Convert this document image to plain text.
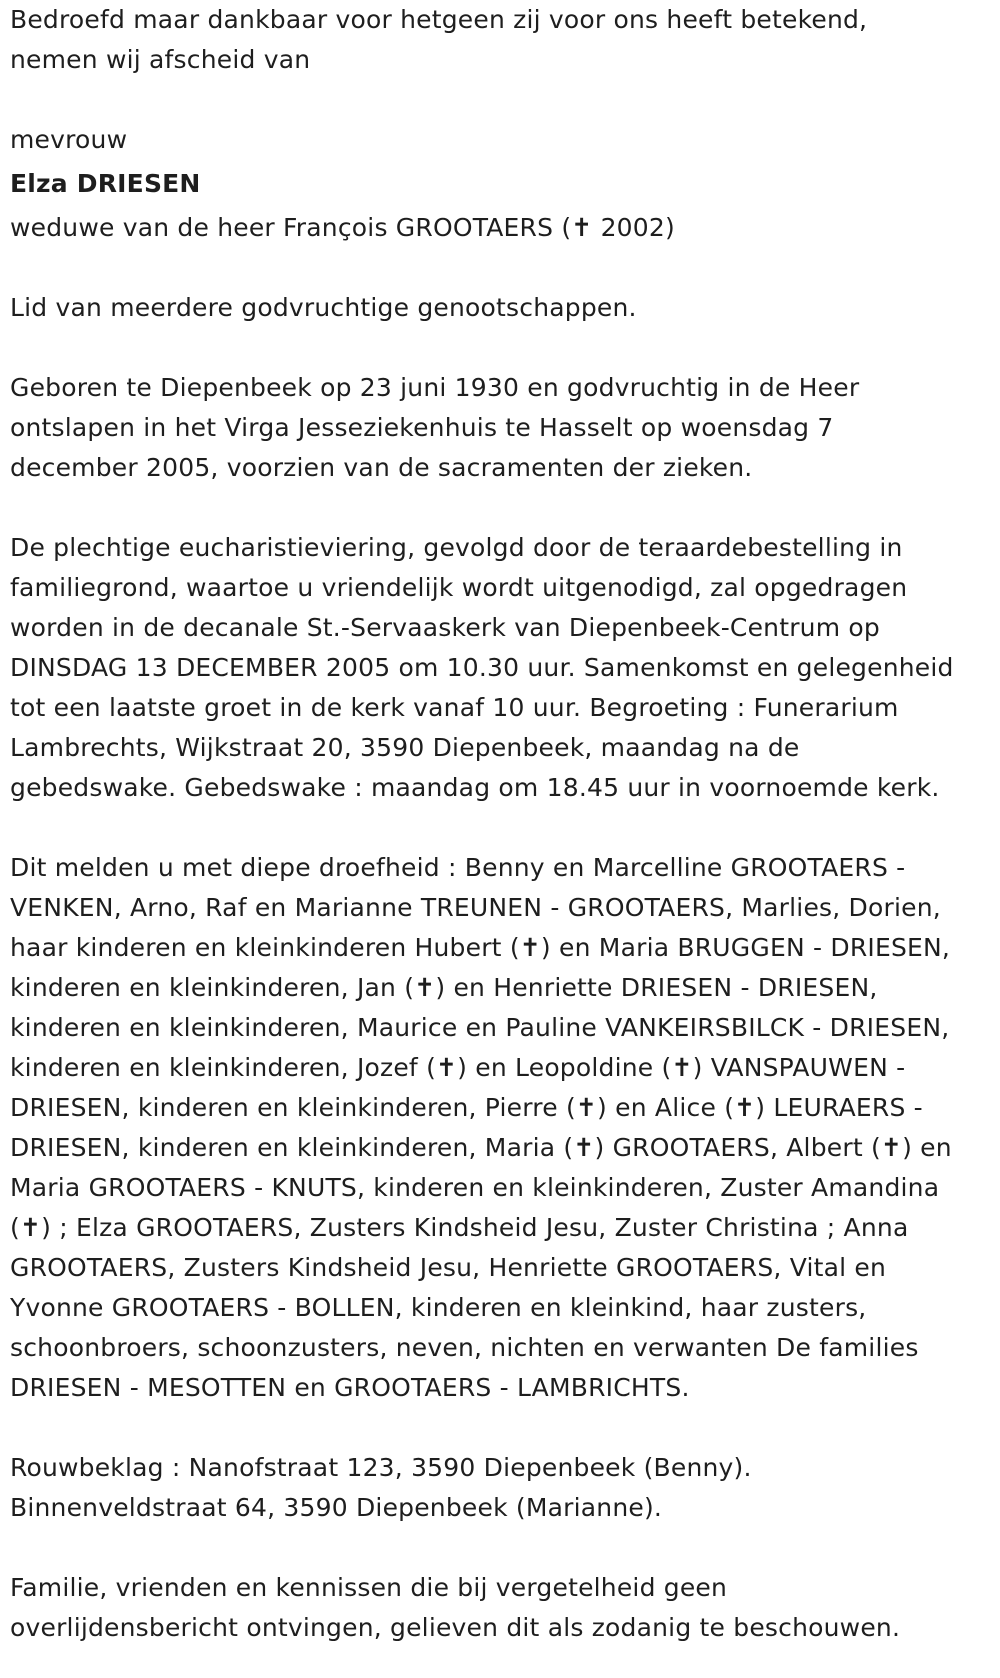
Bedroefd maar dankbaar voor hetgeen zij voor ons heeft betekend,
nemen wij afscheid van
mevrouw
Elza DRIESEN
weduwe van de heer François GROOTAERS (✝ 2002)
Lid van meerdere godvruchtige genootschappen.
Geboren te Diepenbeek op 23 juni 1930 en godvruchtig in de Heer
ontslapen in het Virga Jesseziekenhuis te Hasselt op woensdag 7
december 2005, voorzien van de sacramenten der zieken.
De plechtige eucharistieviering, gevolgd door de teraardebestelling in
familiegrond, waartoe u vriendelijk wordt uitgenodigd, zal opgedragen
worden in de decanale St.-Servaaskerk van Diepenbeek-Centrum op
DINSDAG 13 DECEMBER 2005 om 10.30 uur. Samenkomst en gelegenheid
tot een laatste groet in de kerk vanaf 10 uur. Begroeting : Funerarium
Lambrechts, Wijkstraat 20, 3590 Diepenbeek, maandag na de
gebedswake. Gebedswake : maandag om 18.45 uur in voornoemde kerk.
Dit melden u met diepe droefheid : Benny en Marcelline GROOTAERS -
VENKEN, Arno, Raf en Marianne TREUNEN - GROOTAERS, Marlies, Dorien,
haar kinderen en kleinkinderen Hubert (✝) en Maria BRUGGEN - DRIESEN,
kinderen en kleinkinderen, Jan (✝) en Henriette DRIESEN - DRIESEN,
kinderen en kleinkinderen, Maurice en Pauline VANKEIRSBILCK - DRIESEN,
kinderen en kleinkinderen, Jozef (✝) en Leopoldine (✝) VANSPAUWEN -
DRIESEN, kinderen en kleinkinderen, Pierre (✝) en Alice (✝) LEURAERS -
DRIESEN, kinderen en kleinkinderen, Maria (✝) GROOTAERS, Albert (✝) en
Maria GROOTAERS - KNUTS, kinderen en kleinkinderen, Zuster Amandina
(✝) ; Elza GROOTAERS, Zusters Kindsheid Jesu, Zuster Christina ; Anna
GROOTAERS, Zusters Kindsheid Jesu, Henriette GROOTAERS, Vital en
Yvonne GROOTAERS - BOLLEN, kinderen en kleinkind, haar zusters,
schoonbroers, schoonzusters, neven, nichten en verwanten De families
DRIESEN - MESOTTEN en GROOTAERS - LAMBRICHTS.
Rouwbeklag : Nanofstraat 123, 3590 Diepenbeek (Benny).
Binnenveldstraat 64, 3590 Diepenbeek (Marianne).
Familie, vrienden en kennissen die bij vergetelheid geen
overlijdensbericht ontvingen, gelieven dit als zodanig te beschouwen.
